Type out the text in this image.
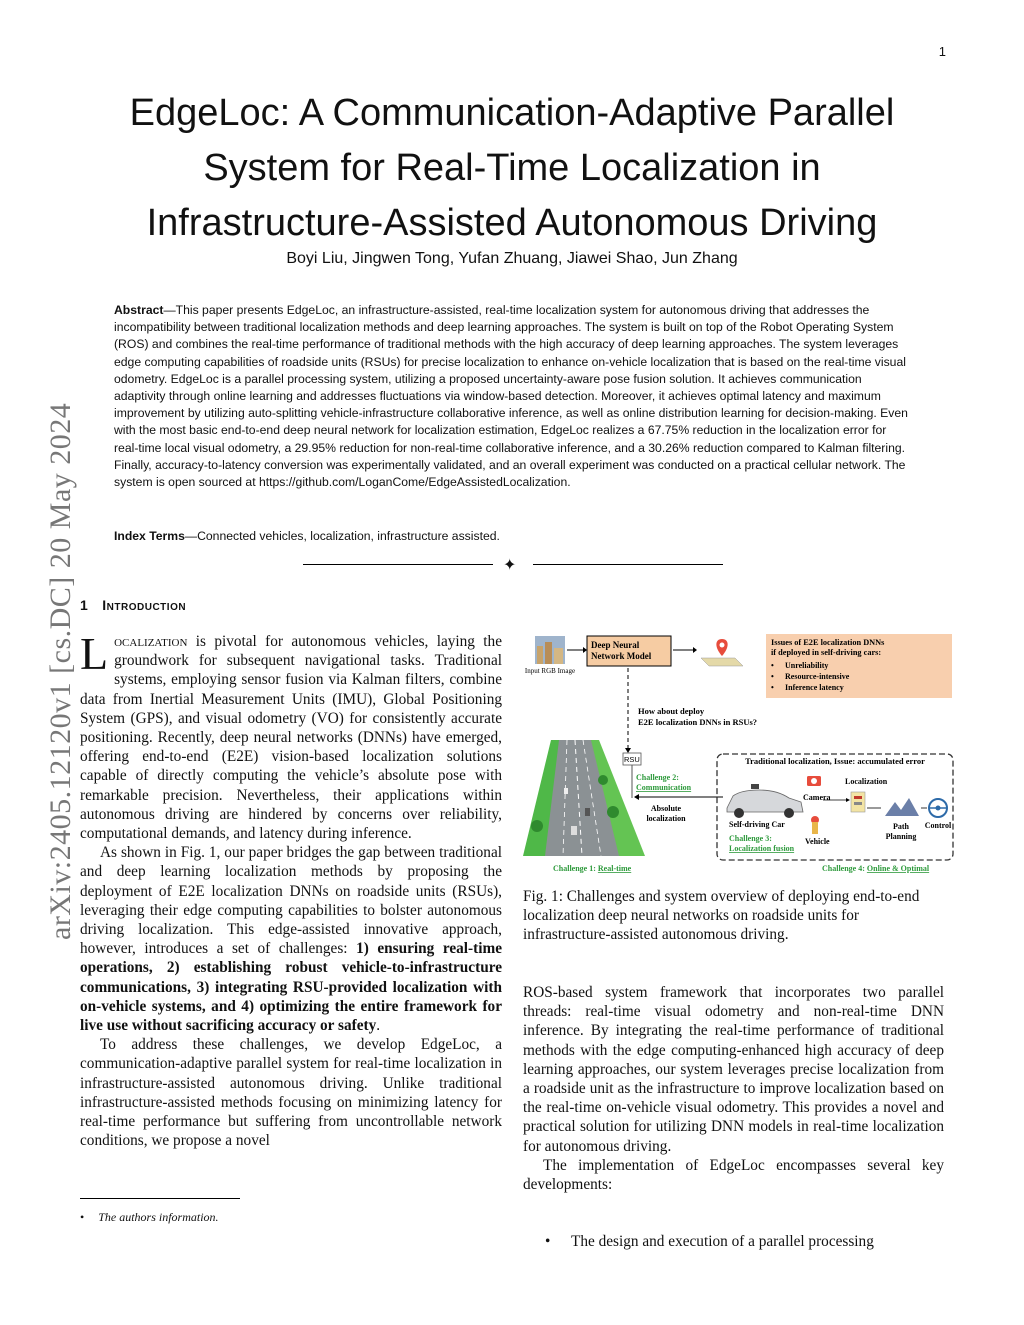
1
arXiv:2405.12120v1 [cs.DC] 20 May 2024
EdgeLoc: A Communication-Adaptive Parallel
System for Real-Time Localization in
Infrastructure-Assisted Autonomous Driving
Boyi Liu, Jingwen Tong, Yufan Zhuang, Jiawei Shao, Jun Zhang
Abstract—This paper presents EdgeLoc, an infrastructure-assisted, real-time localization system for autonomous driving that addresses the incompatibility between traditional localization methods and deep learning approaches. The system is built on top of the Robot Operating System (ROS) and combines the real-time performance of traditional methods with the high accuracy of deep learning approaches. The system leverages edge computing capabilities of roadside units (RSUs) for precise localization to enhance on-vehicle localization that is based on the real-time visual odometry. EdgeLoc is a parallel processing system, utilizing a proposed uncertainty-aware pose fusion solution. It achieves communication adaptivity through online learning and addresses fluctuations via window-based detection. Moreover, it achieves optimal latency and maximum improvement by utilizing auto-splitting vehicle-infrastructure collaborative inference, as well as online distribution learning for decision-making. Even with the most basic end-to-end deep neural network for localization estimation, EdgeLoc realizes a 67.75% reduction in the localization error for real-time local visual odometry, a 29.95% reduction for non-real-time collaborative inference, and a 30.26% reduction compared to Kalman filtering. Finally, accuracy-to-latency conversion was experimentally validated, and an overall experiment was conducted on a practical cellular network. The system is open sourced at https://github.com/LoganCome/EdgeAssistedLocalization.
Index Terms—Connected vehicles, localization, infrastructure assisted.
✦
1 Introduction

Localization is pivotal for autonomous vehicles, laying the groundwork for subsequent navigational tasks. Traditional systems, employing sensor fusion via Kalman filters, combine data from Inertial Measurement Units (IMU), Global Positioning System (GPS), and visual odometry (VO) for consistently accurate positioning. Recently, deep neural networks (DNNs) have emerged, offering end-to-end (E2E) vision-based localization solutions capable of directly computing the vehicle’s absolute pose with remarkable precision. Nevertheless, their applications within autonomous driving are hindered by concerns over reliability, computational demands, and latency during inference.

As shown in Fig. 1, our paper bridges the gap between traditional and deep learning localization methods by proposing the deployment of E2E localization DNNs on roadside units (RSUs), leveraging their edge computing capabilities to bolster autonomous driving localization. This edge-assisted innovative approach, however, introduces a set of challenges: 1) ensuring real-time operations, 2) establishing robust vehicle-to-infrastructure communications, 3) integrating RSU-provided localization with on-vehicle systems, and 4) optimizing the entire framework for live use without sacrificing accuracy or safety.

To address these challenges, we develop EdgeLoc, a communication-adaptive parallel system for real-time localization in infrastructure-assisted autonomous driving. Unlike traditional infrastructure-assisted methods focusing on minimizing latency for real-time performance but suffering from uncontrollable network conditions, we propose a novel

• The authors information.
Input RGB Image
Deep Neural Network Model
Issues of E2E localization DNNs if deployed in self-driving cars:
• Unreliability
• Resource-intensive
• Inference latency
How about deploy E2E localization DNNs in RSUs?
RSU
Challenge 2: Communication
Absolute localization
Traditional localization, Issue: accumulated error
Self-driving Car
Challenge 3: Localization fusion
Camera
Localization
Vehicle
Path Planning
Control
Challenge 1: Real-time	Challenge 4: Online & Optimal
Fig. 1: Challenges and system overview of deploying end-to-end localization deep neural networks on roadside units for infrastructure-assisted autonomous driving.

ROS-based system framework that incorporates two parallel threads: real-time visual odometry and non-real-time DNN inference. By integrating the real-time performance of traditional methods with the edge computing-enhanced high accuracy of deep learning approaches, our system leverages precise localization from a roadside unit as the infrastructure to improve localization based on the real-time on-vehicle visual odometry. This provides a novel and practical solution for utilizing DNN models in real-time localization for autonomous driving.

The implementation of EdgeLoc encompasses several key developments:

• The design and execution of a parallel processing
